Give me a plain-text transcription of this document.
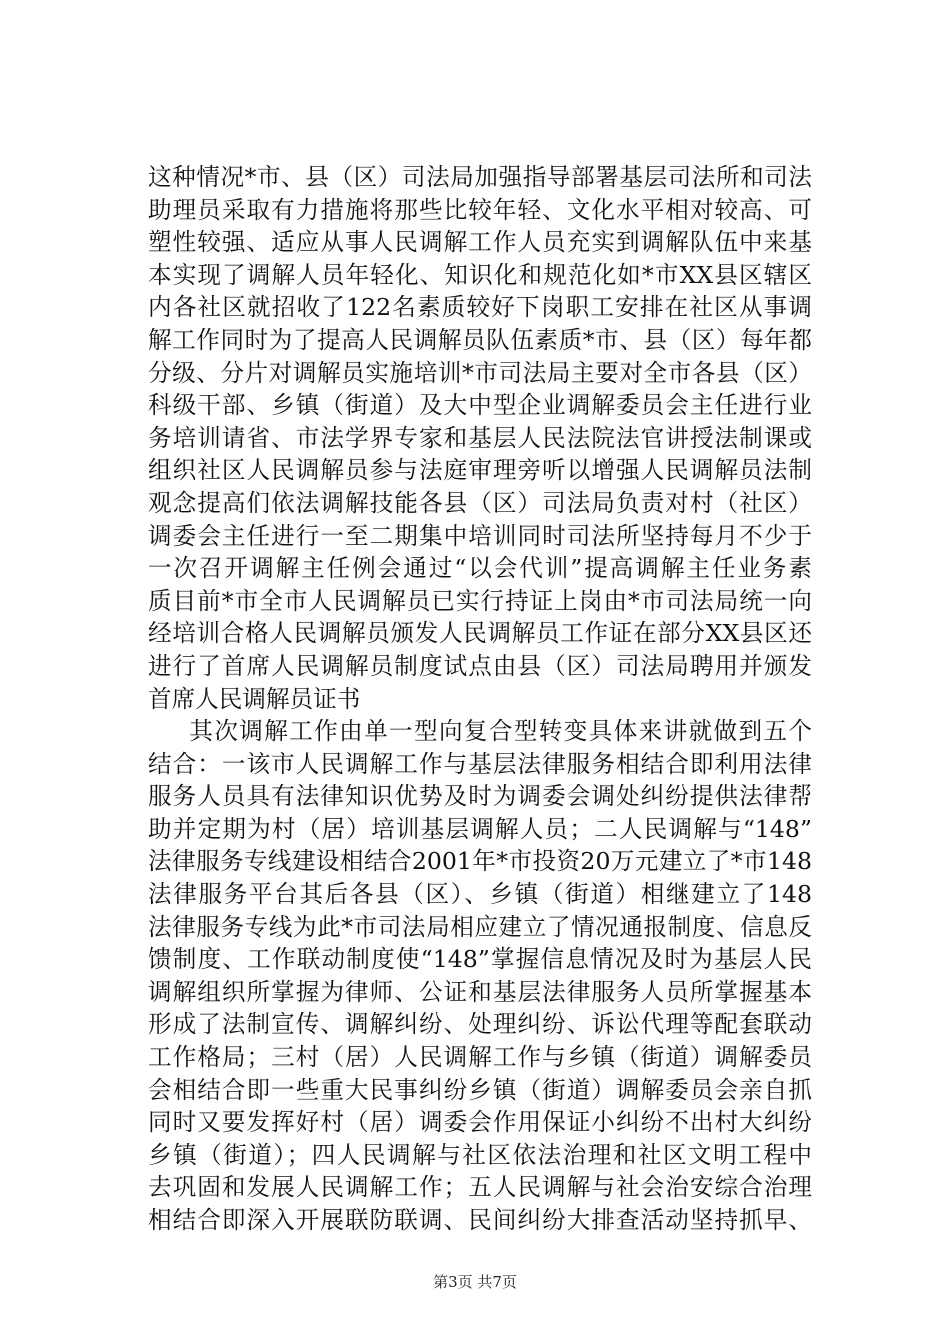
这种情况*市、县（区）司法局加强指导部署基层司法所和司法
助理员采取有力措施将那些比较年轻、文化水平相对较高、可
塑性较强、适应从事人民调解工作人员充实到调解队伍中来基
本实现了调解人员年轻化、知识化和规范化如*市XX县区辖区
内各社区就招收了122名素质较好下岗职工安排在社区从事调
解工作同时为了提高人民调解员队伍素质*市、县（区）每年都
分级、分片对调解员实施培训*市司法局主要对全市各县（区）
科级干部、乡镇（街道）及大中型企业调解委员会主任进行业
务培训请省、市法学界专家和基层人民法院法官讲授法制课或
组织社区人民调解员参与法庭审理旁听以增强人民调解员法制
观念提高们依法调解技能各县（区）司法局负责对村（社区）
调委会主任进行一至二期集中培训同时司法所坚持每月不少于
一次召开调解主任例会通过“以会代训”提高调解主任业务素
质目前*市全市人民调解员已实行持证上岗由*市司法局统一向
经培训合格人民调解员颁发人民调解员工作证在部分XX县区还
进行了首席人民调解员制度试点由县（区）司法局聘用并颁发
首席人民调解员证书
其次调解工作由单一型向复合型转变具体来讲就做到五个
结合：一该市人民调解工作与基层法律服务相结合即利用法律
服务人员具有法律知识优势及时为调委会调处纠纷提供法律帮
助并定期为村（居）培训基层调解人员；二人民调解与“148”
法律服务专线建设相结合2001年*市投资20万元建立了*市148
法律服务平台其后各县（区）、乡镇（街道）相继建立了148
法律服务专线为此*市司法局相应建立了情况通报制度、信息反
馈制度、工作联动制度使“148”掌握信息情况及时为基层人民
调解组织所掌握为律师、公证和基层法律服务人员所掌握基本
形成了法制宣传、调解纠纷、处理纠纷、诉讼代理等配套联动
工作格局；三村（居）人民调解工作与乡镇（街道）调解委员
会相结合即一些重大民事纠纷乡镇（街道）调解委员会亲自抓
同时又要发挥好村（居）调委会作用保证小纠纷不出村大纠纷
乡镇（街道）；四人民调解与社区依法治理和社区文明工程中
去巩固和发展人民调解工作；五人民调解与社会治安综合治理
相结合即深入开展联防联调、民间纠纷大排查活动坚持抓早、
第3页 共7页
